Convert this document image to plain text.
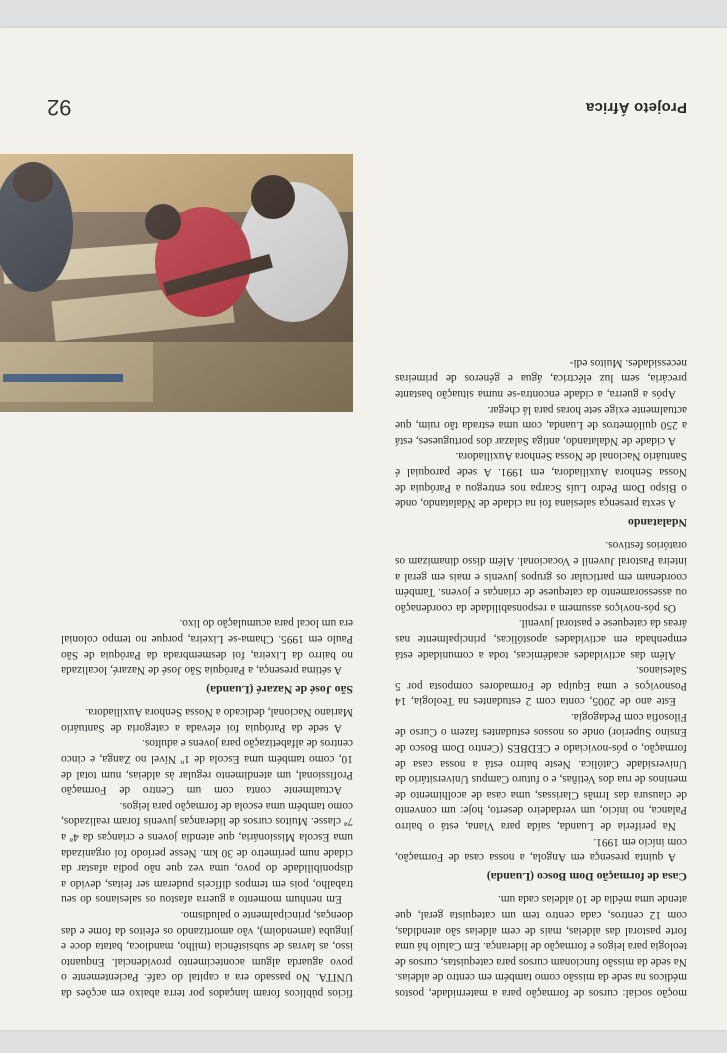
Projeto África
92

moção social: cursos de formação para a maternidade, postos médicos na sede da missão como também em centro de aldeias. Na sede da missão funcionam cursos para catequistas, cursos de teologia para leigos e formação de liderança. Em Calulo há uma forte pastoral das aldeias, mais de cem aldeias são atendidas, com 12 centros, cada centro tem um catequista geral, que atende uma média de 10 aldeias cada um.

Casa de formação Dom Bosco (Luanda)

A quinta presença em Angola, a nossa casa de Formação, com início em 1991.

Na periferia de Luanda, saída para Viana, está o bairro Palanca, no início, um verdadeiro deserto, hoje: um convento de clausura das Irmãs Clarissas, uma casa de acolhimento de meninos de rua dos Vetiñas, e o futuro Campus Universitário da Universidade Católica. Neste bairro está a nossa casa de formação, o pós-noviciado e CEDBES (Centro Dom Bosco de Ensino Superior) onde os nossos estudantes fazem o Curso de Filosofia com Pedagogia.

Este ano de 2005, conta com 2 estudantes na Teologia, 14 Posnoviços e uma Equipa de Formadores composta por 5 Salesianos.

Além das actividades académicas, toda a comunidade está empenhada em actividades apostólicas, principalmente nas áreas da catequese e pastoral juvenil.

Os pós-noviços assumem a responsabilidade da coordenação ou assessoramento da catequese de crianças e jovens. Também coordenam em particular os grupos juvenis e mais em geral a inteira Pastoral Juvenil e Vocacional. Além disso dinamizam os oratórios festivos.

Ndalatando

A sexta presença salesiana foi na cidade de Ndalatando, onde o Bispo Dom Pedro Luís Scarpa nos entregou a Paróquia de Nossa Senhora Auxiliadora, em 1991. A sede paroquial é Santuário Nacional de Nossa Senhora Auxiliadora.

A cidade de Ndalatando, antiga Salazar dos portugueses, está a 250 quilómetros de Luanda, com uma estrada tão ruim, que actualmente exige sete horas para lá chegar.

Após a guerra, a cidade encontra-se numa situação bastante precária, sem luz eléctrica, água e géneros de primeiras necessidades. Muitos edi-

fícios públicos foram lançados por terra abaixo em acções da UNITA. No passado era a capital do café. Pacientemente o povo aguarda algum acontecimento providencial. Enquanto isso, as lavras de subsistência (milho, mandioca, batata doce e jinguba (amendoim), vão amortizando os efeitos da fome e das doenças, principalmente o paludismo.

Em nenhum momento a guerra afastou os salesianos do seu trabalho, pois em tempos difíceis puderam ser feitas, devido a disponibilidade do povo, uma vez que não podia afastar da cidade num perímetro de 30 km. Nesse período foi organizada uma Escola Missionária, que atendia jovens e crianças da 4ª a 7ª classe. Muitos cursos de lideranças juvenis foram realizados, como também uma escola de formação para leigos.

Actualmente conta com um Centro de Formação Profissional, um atendimento regular às aldeias, num total de 10, como também uma Escola de 1º Nível no Zanga, e cinco centros de alfabetização para jovens e adultos.

A sede da Paróquia foi elevada a categoria de Santuário Mariano Nacional, dedicado a Nossa Senhora Auxiliadora.

São José de Nazaré (Luanda)

A sétima presença, a Paróquia São José de Nazaré, localizada no bairro da Lixeira, foi desmembrada da Paróquia de São Paulo em 1995. Chama-se Lixeira, porque no tempo colonial era um local para acumulação do lixo.
